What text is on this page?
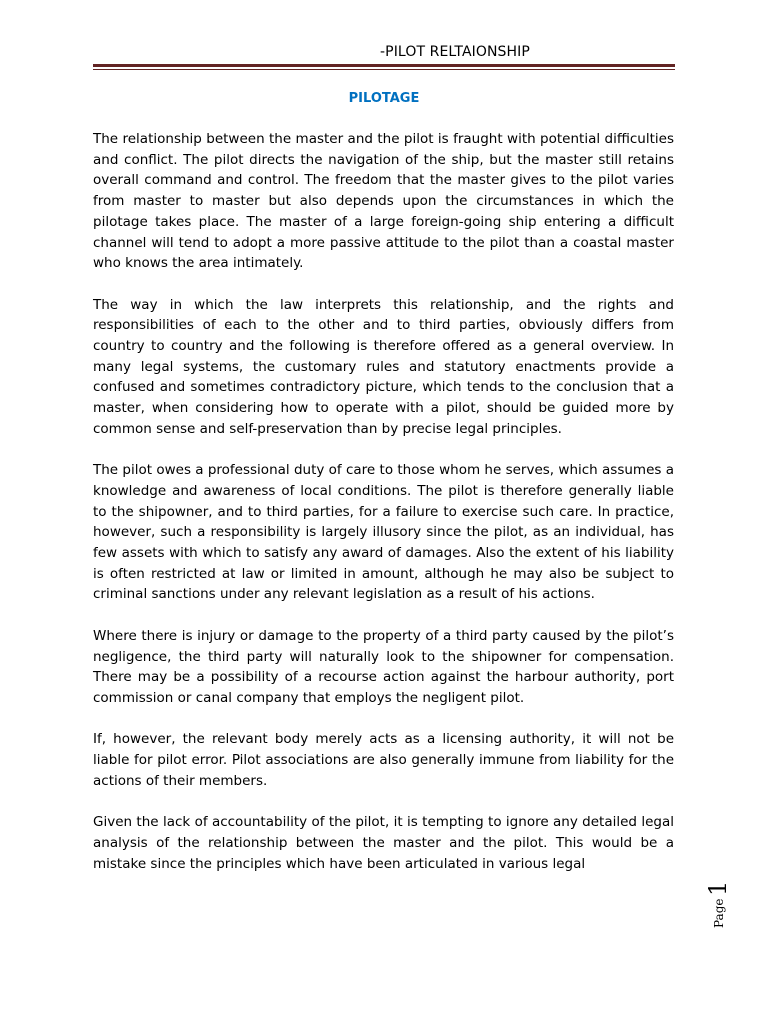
-PILOT RELTAIONSHIP
PILOTAGE

The relationship between the master and the pilot is fraught with potential difficulties and conflict. The pilot directs the navigation of the ship, but the master still retains overall command and control. The freedom that the master gives to the pilot varies from master to master but also depends upon the circumstances in which the pilotage takes place. The master of a large foreign-going ship entering a difficult channel will tend to adopt a more passive attitude to the pilot than a coastal master who knows the area intimately.

The way in which the law interprets this relationship, and the rights and responsibilities of each to the other and to third parties, obviously differs from country to country and the following is therefore offered as a general overview. In many legal systems, the customary rules and statutory enactments provide a confused and sometimes contradictory picture, which tends to the conclusion that a master, when considering how to operate with a pilot, should be guided more by common sense and self-preservation than by precise legal principles.

The pilot owes a professional duty of care to those whom he serves, which assumes a knowledge and awareness of local conditions. The pilot is therefore generally liable to the shipowner, and to third parties, for a failure to exercise such care. In practice, however, such a responsibility is largely illusory since the pilot, as an individual, has few assets with which to satisfy any award of damages. Also the extent of his liability is often restricted at law or limited in amount, although he may also be subject to criminal sanctions under any relevant legislation as a result of his actions.

Where there is injury or damage to the property of a third party caused by the pilot’s negligence, the third party will naturally look to the shipowner for compensation. There may be a possibility of a recourse action against the harbour authority, port commission or canal company that employs the negligent pilot.

If, however, the relevant body merely acts as a licensing authority, it will not be liable for pilot error. Pilot associations are also generally immune from liability for the actions of their members.

Given the lack of accountability of the pilot, it is tempting to ignore any detailed legal analysis of the relationship between the master and the pilot. This would be a mistake since the principles which have been articulated in various legal

1
Page
